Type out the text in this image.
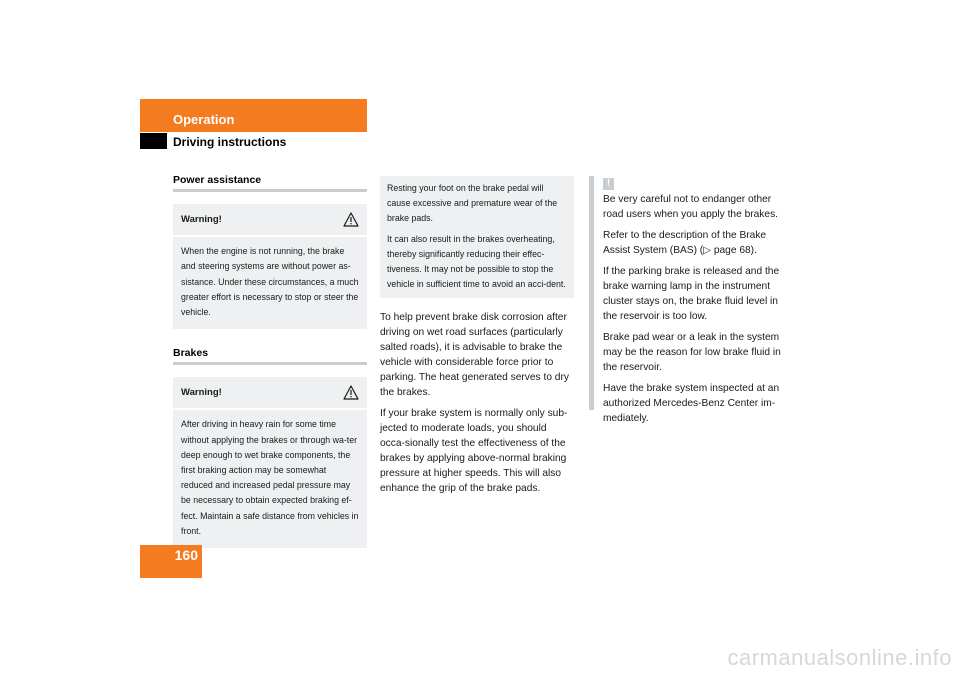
Operation
Driving instructions
Power assistance
Warning!
When the engine is not running, the brake and steering systems are without power as-sistance. Under these circumstances, a much greater effort is necessary to stop or steer the vehicle.
Brakes
Warning!
After driving in heavy rain for some time without applying the brakes or through wa-ter deep enough to wet brake components, the first braking action may be somewhat reduced and increased pedal pressure may be necessary to obtain expected braking ef-fect. Maintain a safe distance from vehicles in front.

Resting your foot on the brake pedal will cause excessive and premature wear of the brake pads.

It can also result in the brakes overheating, thereby significantly reducing their effec-tiveness. It may not be possible to stop the vehicle in sufficient time to avoid an acci-dent.

To help prevent brake disk corrosion after driving on wet road surfaces (particularly salted roads), it is advisable to brake the vehicle with considerable force prior to parking. The heat generated serves to dry the brakes.

If your brake system is normally only sub-jected to moderate loads, you should occa-sionally test the effectiveness of the brakes by applying above-normal braking pressure at higher speeds. This will also enhance the grip of the brake pads.

!

Be very careful not to endanger other road users when you apply the brakes.

Refer to the description of the Brake Assist System (BAS) (▷ page 68).

If the parking brake is released and the brake warning lamp in the instrument cluster stays on, the brake fluid level in the reservoir is too low.

Brake pad wear or a leak in the system may be the reason for low brake fluid in the reservoir.

Have the brake system inspected at an authorized Mercedes-Benz Center im-mediately.

160
carmanualsonline.info
